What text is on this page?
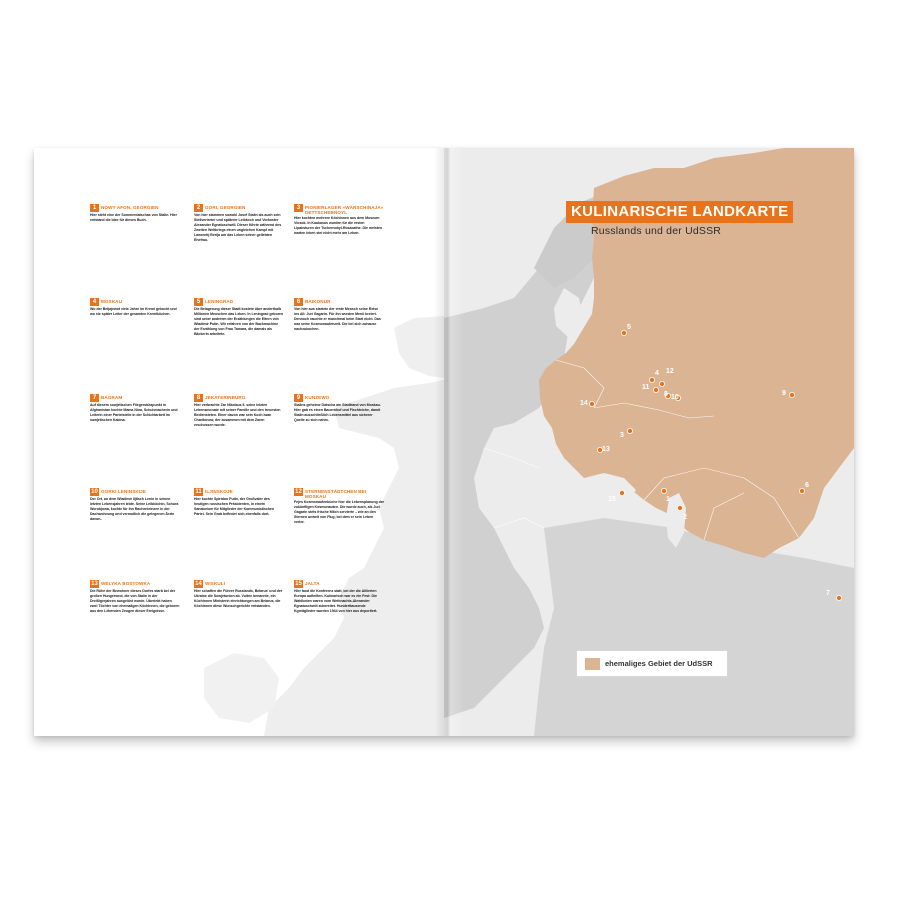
1	NOWY AFON, GEORGIEN
Hier steht eine der Sommerdatschas von Stalin. Hier entstand die Idee für dieses Buch.
2	GORI, GEORGIEN
Von hier stammen sowohl Josef Stalin als auch sein Stellvertreter und späterer Leibkoch und Vorkoster Alexander Egnatoschwili. Dieser führte während des Zweiten Weltkriegs einen ungleichen Kampf mit Lawrentij Berija um das Leben seiner geliebten Ehefrau.
3	PIONIERLAGER »WÄRSCHINAJA« DETTSCHEBNOYL
Hier kochten mehrere Köchinnen aus dem Museum Vlosok. In Kaukasus wurden für die ersten Lipaksturen der Tschernobyl-Rosacathe. Die meisten warten leben stei nicht mehr am Leben.
4	MOSKAU
Wo der Beljajewot viele Jahre im Kreml gekocht und wo sie später Leiter der gesamten Kremlküchen.
5	LENINGRAD
Die Belagerung dieser Stadt kostete über anderthalb Millionen Menschen das Leben. In Leningrad geboren sind unter anderem der Erzählungen die Eltern von Wladimir Putin. Wir erfahren von der Backmachine der Erzählung von Frau Tamara, die damals als Bäckerin arbeitete.
6	BAIKONUR
Von hier aus startete der erste Mensch seine Reise ins All: Juri Gagarin. Für ihn wurden Menü kreiert. Dennoch rauchte er manchmal beim Start nicht. Das war seine Kosmonautenzeit. Die bei sich zuhause nachzukochen.
7	BAGRAM
Auf diesem sowjetischen Fliegerstützpunkt in Afghanistan kochte Mama Nina, Schuhmacherin und Leiterin einer Parteistelle in der Schichtarbeit im sowjetischen Kabina.
8	JEKATERINBURG
Hier verbrachte Zar Nikolaus II. seine letzten Lebensmonate mit seiner Familie und den treuesten Bediensteten. Einer davon war sein Koch Iwan Charitonow, der zusammen mit dem Zaren erschossen wurde.
9	KUNZEWO
Stalins geheime Datscha am Stadtrand von Moskau. Hier gab es einen Bauernhof und Fischteiche, damit Stalin ausschließlich Lebensmittel aus sicherer Quelle zu sich nahm.
10 GORKI LENINSKIJE
Der Ort, an dem Wladimir Iljitsch Lenin in seinen letzten Lebensjahren lebte. Seine Leibköchin, Schura Worobjowa, kochte für ihn Rachenleinzen in der Dachwohnung und vermutlich die gelegenen Ärzte davon..
11 ILJINSKOJE
Hier kochte Spiridon Putin, der Großvater des heutigen russischen Präsidenten, in einem Sanatorium für Mitglieder der Kommunistischen Partei. Sein Grab befindet sich ebenfalls dort.
12 STERNENSTÄDTCHEN BEI MOSKAU
Fejes Kosmonautenküche hier die Lebensplanung der zukünftigen Kosmonauten. Die wurde auch, als Juri Gagarin stets frische Milch servierte – wie an den Sternen unweit von Flug, bei dem er sein Leben verlor.
13 WELYKA BOSTOWKA
Die Rühe der Bewohner dieses Dorfes starb bei der großen Hungersnot, die von Stalin in der Dreißigerjahren ausgelöst wurde. Überlebt haben zwei Töchter von ehemaligen Köchinnen, die geboren aus den Lebenden Zeugen dieser Ereignisse.
14 WISKULI
Hier schaffen die Führer Russlands, Belarus' und der Ukraine die Sowjetunion ab. Vuitne benannte, ein Küchinnen Ministerin einrichtungen am Belarus, die Köchinnen diese Wunschgerichte entstanden.
15 JALTA
Hier fand die Konferenz statt, bei der die Alliierten Europa aufteilten. Kulinarisch war es ein Fest: Die Wahlboten waren vom Weihnachts-Alexander Egnatoschwili zubereitet. Hunderttausende Kgmitglieder wurden 1944 von hier aus deportiert.
1
2
3
4
5
6
7
8	9
10
11
12
13
14
15
KULINARISCHE LANDKARTE
Russlands und der UdSSR
ehemaliges Gebiet der UdSSR
